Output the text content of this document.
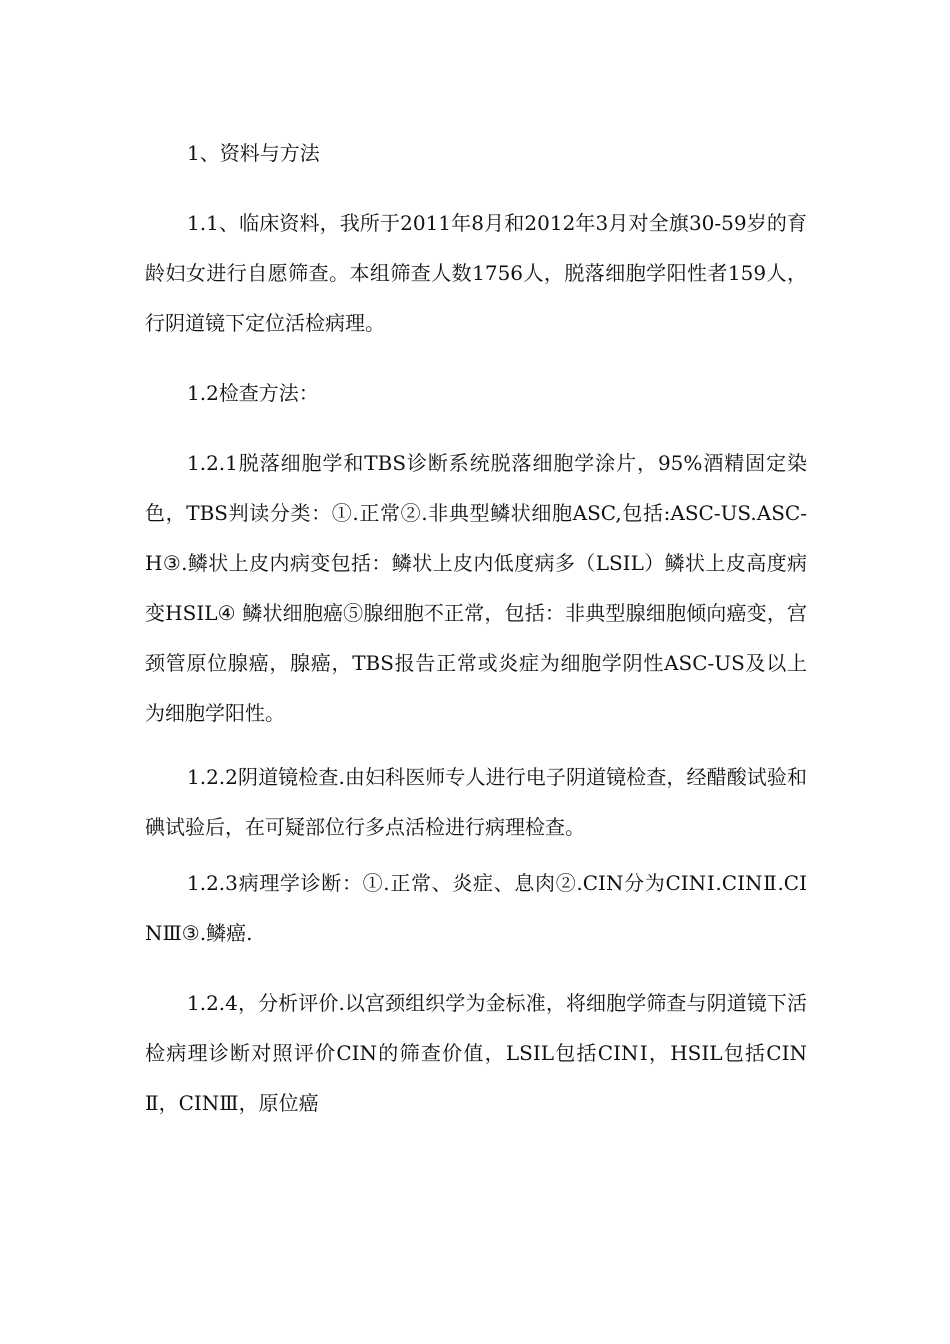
1、资料与方法

1.1、临床资料，我所于2011年8月和2012年3月对全旗30-59岁的育龄妇女进行自愿筛查。本组筛查人数1756人，脱落细胞学阳性者159人，行阴道镜下定位活检病理。

1.2检查方法：

1.2.1脱落细胞学和TBS诊断系统脱落细胞学涂片，95%酒精固定染色，TBS判读分类：①.正常②.非典型鳞状细胞ASC,包括:ASC-US.ASC-H③.鳞状上皮内病变包括：鳞状上皮内低度病多（LSIL）鳞状上皮高度病变HSIL④ 鳞状细胞癌⑤腺细胞不正常，包括：非典型腺细胞倾向癌变，宫颈管原位腺癌，腺癌，TBS报告正常或炎症为细胞学阴性ASC-US及以上为细胞学阳性。

1.2.2阴道镜检查.由妇科医师专人进行电子阴道镜检查，经醋酸试验和碘试验后，在可疑部位行多点活检进行病理检查。

1.2.3病理学诊断：①.正常、炎症、息肉②.CIN分为CINⅠ.CINⅡ.CINⅢ③.鳞癌.

1.2.4，分析评价.以宫颈组织学为金标准，将细胞学筛查与阴道镜下活检病理诊断对照评价CIN的筛查价值，LSIL包括CINⅠ，HSIL包括CINⅡ，CINⅢ，原位癌
